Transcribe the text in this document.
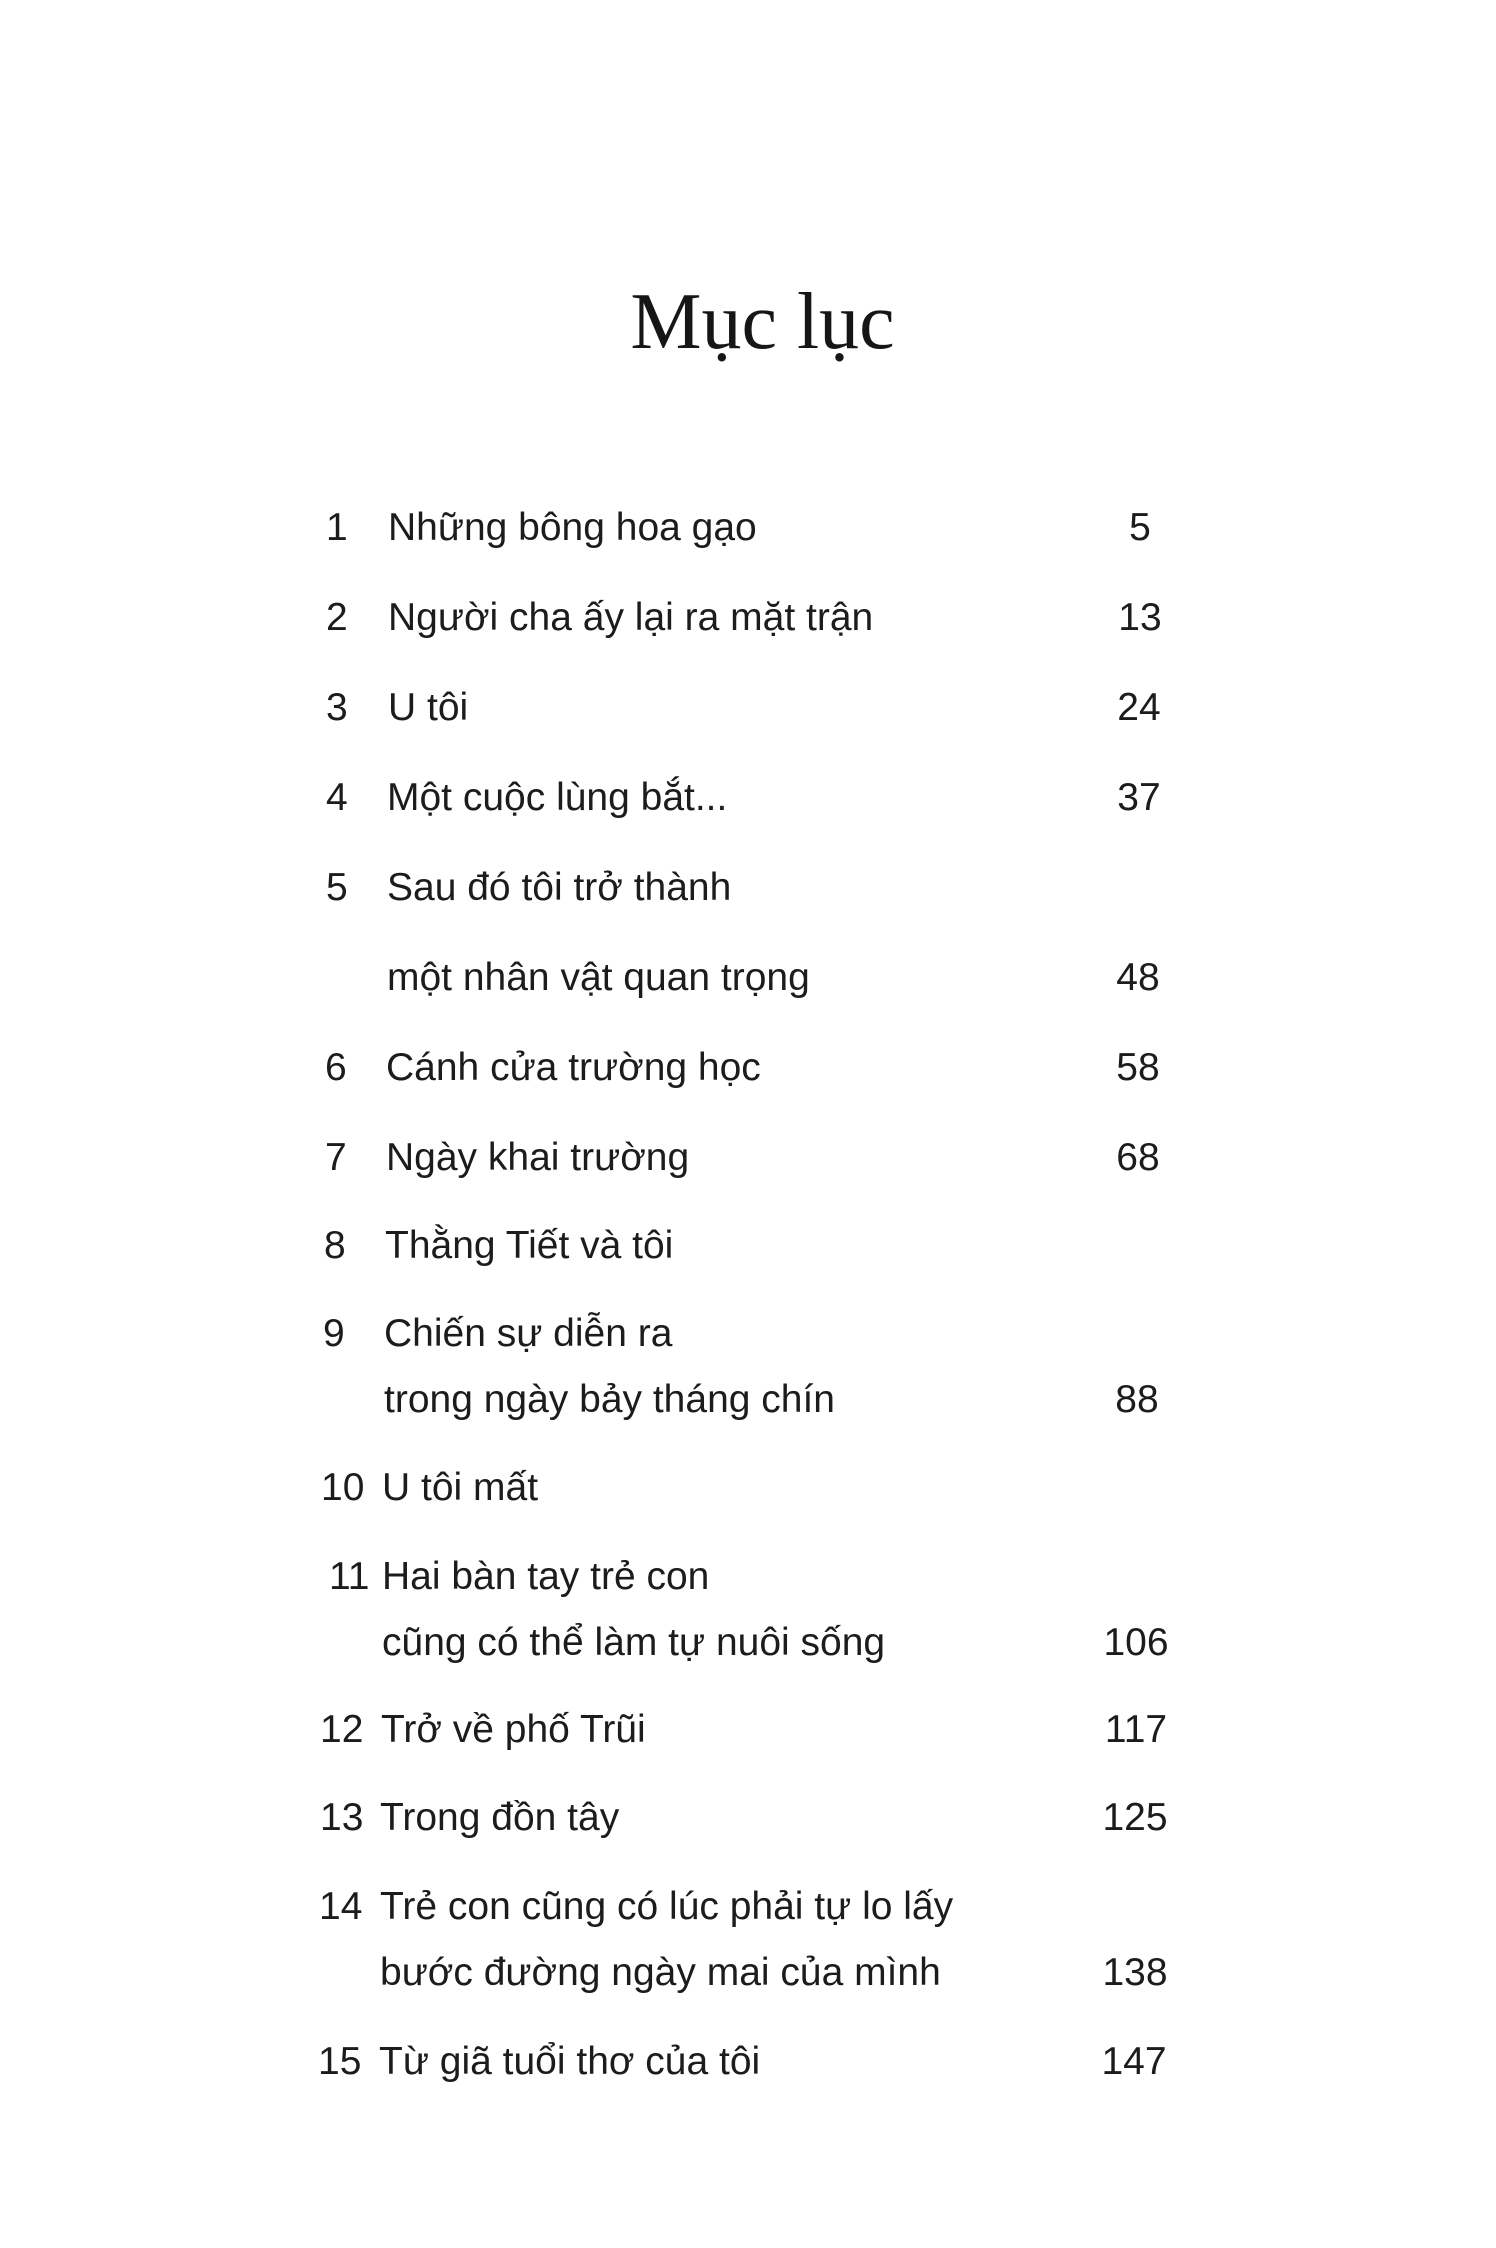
Mục lục
1 Những bông hoa gạo	5
2 Người cha ấy lại ra mặt trận	13
3 U tôi	24
4 Một cuộc lùng bắt...	37
5 Sau đó tôi trở thành
một nhân vật quan trọng	48
6 Cánh cửa trường học	58
7 Ngày khai trường	68
8 Thằng Tiết và tôi
9 Chiến sự diễn ra
trong ngày bảy tháng chín	88
10 U tôi mất
11 Hai bàn tay trẻ con
cũng có thể làm tự nuôi sống	106
12 Trở về phố Trũi	117
13 Trong đồn tây	125
14 Trẻ con cũng có lúc phải tự lo lấy
bước đường ngày mai của mình	138
15 Từ giã tuổi thơ của tôi	147
